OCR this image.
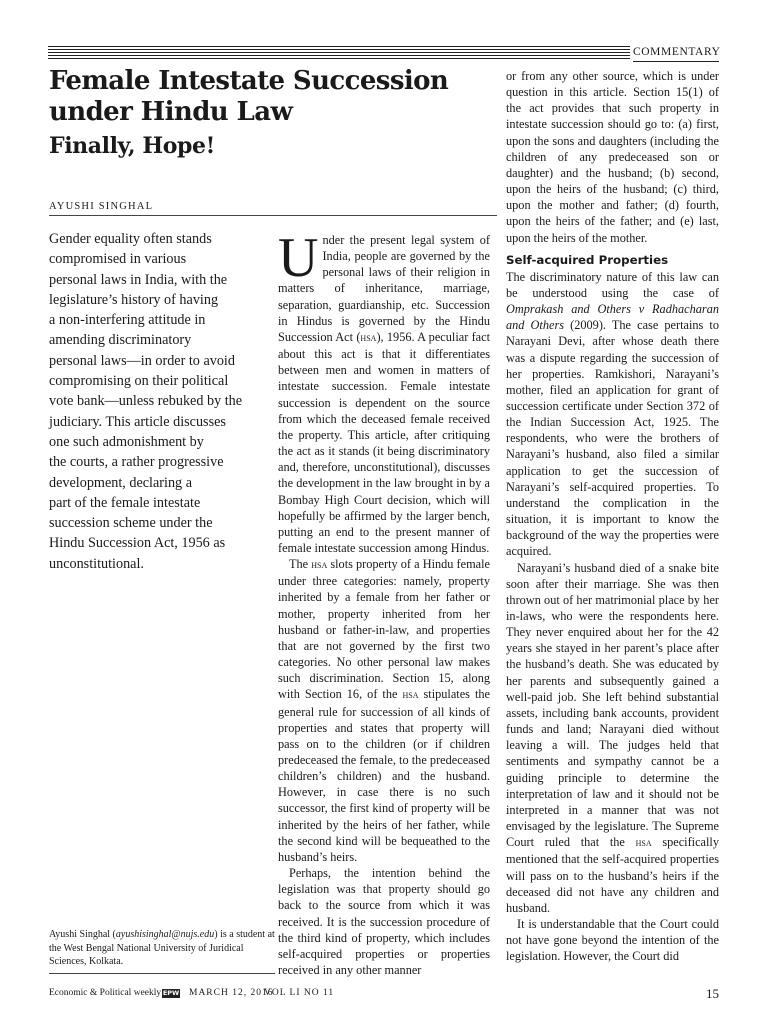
COMMENTARY
Female Intestate Succession under Hindu Law
Finally, Hope!
AYUSHI SINGHAL
Gender equality often stands
compromised in various
personal laws in India, with the
legislature’s history of having
a non-interfering attitude in
amending discriminatory
personal laws—in order to avoid
compromising on their political
vote bank—unless rebuked by the
judiciary. This article discusses
one such admonishment by
the courts, a rather progressive
development, declaring a
part of the female intestate
succession scheme under the
Hindu Succession Act, 1956 as
unconstitutional.
Ayushi Singhal (ayushisinghal@nujs.edu) is a student at the West Bengal National University of Juridical Sciences, Kolkata.

Under the present legal system of India, people are governed by the personal laws of their religion in matters of inheritance, marriage, separation, guardianship, etc. Succession in Hindus is governed by the Hindu Succession Act (hsa), 1956. A peculiar fact about this act is that it differentiates between men and women in matters of intestate succession. Female intestate succession is dependent on the source from which the deceased female received the property. This article, after critiquing the act as it stands (it being discriminatory and, therefore, unconstitutional), discusses the development in the law brought in by a Bombay High Court decision, which will hopefully be affirmed by the larger bench, putting an end to the present manner of female intestate succession among Hindus.

The hsa slots property of a Hindu female under three categories: namely, property inherited by a female from her father or mother, property inherited from her husband or father-in-law, and properties that are not governed by the first two categories. No other personal law makes such discrimination. Section 15, along with Section 16, of the hsa stipulates the general rule for succession of all kinds of properties and states that property will pass on to the children (or if children predeceased the female, to the predeceased children’s children) and the husband. However, in case there is no such successor, the first kind of property will be inherited by the heirs of her father, while the second kind will be bequeathed to the husband’s heirs.

Perhaps, the intention behind the legislation was that property should go back to the source from which it was received. It is the succession procedure of the third kind of property, which includes self-acquired properties or properties received in any other manner

or from any other source, which is under question in this article. Section 15(1) of the act provides that such property in intestate succession should go to: (a) first, upon the sons and daughters (including the children of any predeceased son or daughter) and the husband; (b) second, upon the heirs of the husband; (c) third, upon the mother and father; (d) fourth, upon the heirs of the father; and (e) last, upon the heirs of the mother.

Self-acquired Properties

The discriminatory nature of this law can be understood using the case of Omprakash and Others v Radhacharan and Others (2009). The case pertains to Narayani Devi, after whose death there was a dispute regarding the succession of her properties. Ramkishori, Narayani’s mother, filed an application for grant of succession certificate under Section 372 of the Indian Succession Act, 1925. The respondents, who were the brothers of Narayani’s husband, also filed a similar application to get the succession of Narayani’s self-acquired properties. To understand the complication in the situation, it is important to know the background of the way the properties were acquired.

Narayani’s husband died of a snake bite soon after their marriage. She was then thrown out of her matrimonial place by her in-laws, who were the respondents here. They never enquired about her for the 42 years she stayed in her parent’s place after the husband’s death. She was educated by her parents and subsequently gained a well-paid job. She left behind substantial assets, including bank accounts, provident funds and land; Narayani died without leaving a will. The judges held that sentiments and sympathy cannot be a guiding principle to determine the interpretation of law and it should not be interpreted in a manner that was not envisaged by the legislature. The Supreme Court ruled that the hsa specifically mentioned that the self-acquired properties will pass on to the husband’s heirs if the deceased did not have any children and husband.

It is understandable that the Court could not have gone beyond the intention of the legislation. However, the Court did

Economic & Political weekly EPW MARCH 12, 2016
VOL LI NO 11	15
